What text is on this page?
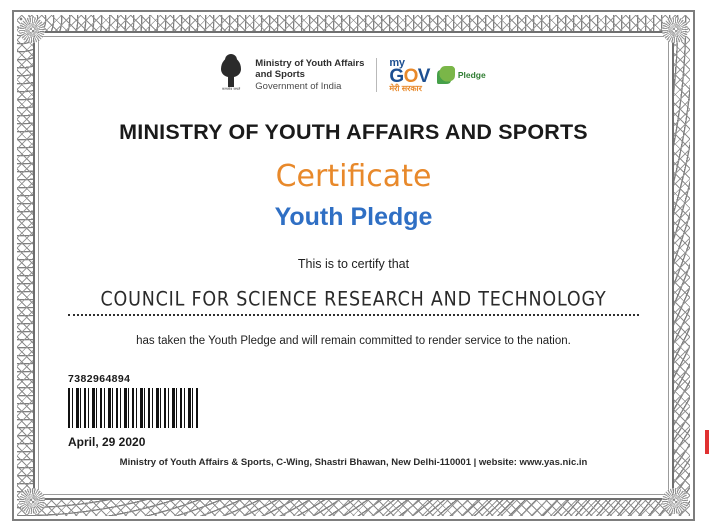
सत्यमेव जयते
Ministry of Youth Affairs
and Sports
Government of India
my
GOV
मेरी सरकार
Pledge
MINISTRY OF YOUTH AFFAIRS AND SPORTS
Certificate
Youth Pledge
This is to certify that
COUNCIL FOR SCIENCE RESEARCH AND TECHNOLOGY
has taken the Youth Pledge and will remain committed to render service to the nation.
7382964894
April, 29 2020
Ministry of Youth Affairs & Sports, C-Wing, Shastri Bhawan, New Delhi-110001 | website: www.yas.nic.in
